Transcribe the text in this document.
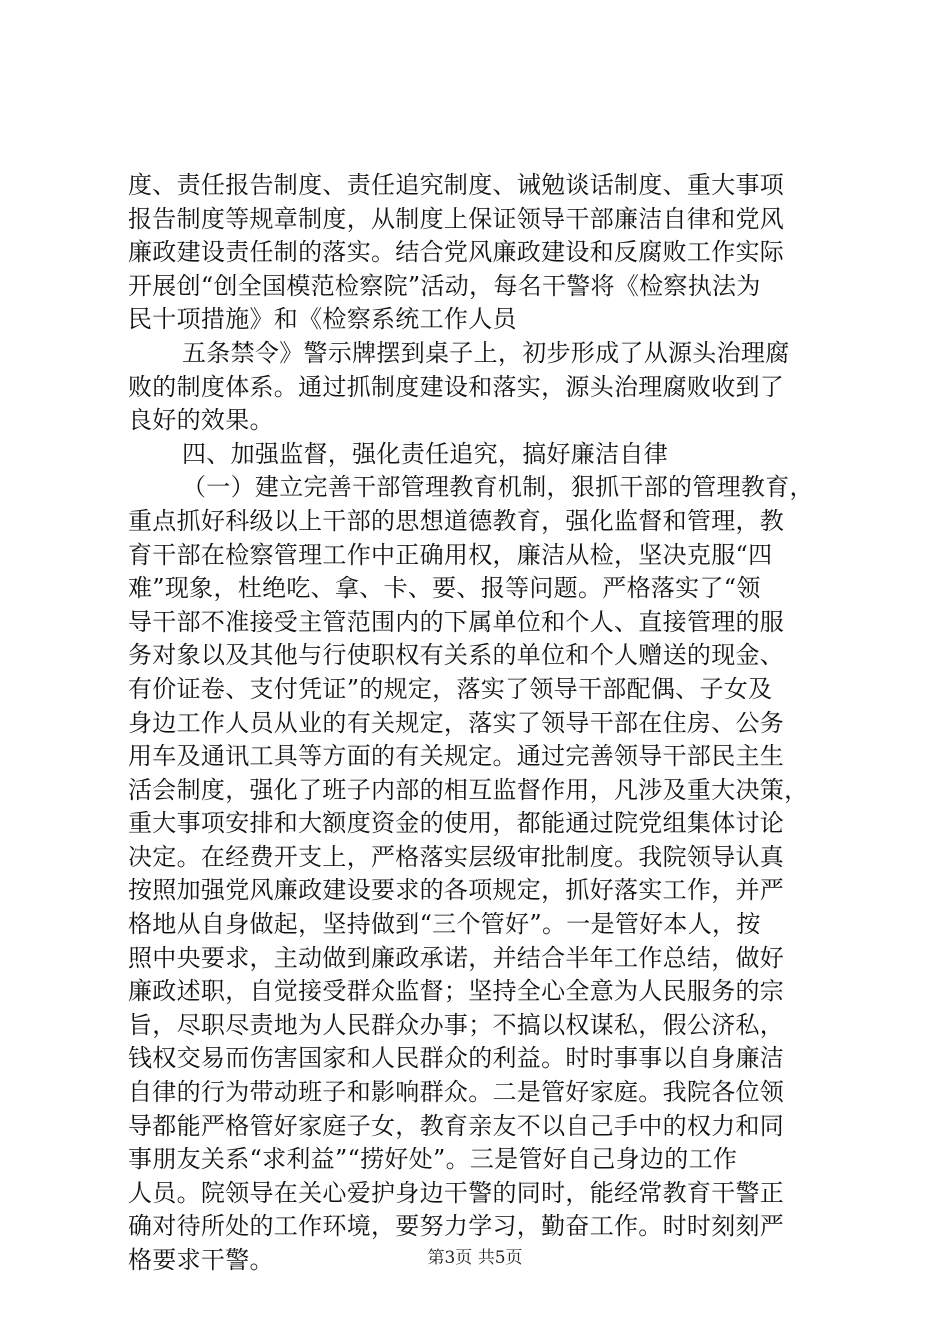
度、责任报告制度、责任追究制度、诫勉谈话制度、重大事项
报告制度等规章制度，从制度上保证领导干部廉洁自律和党风
廉政建设责任制的落实。结合党风廉政建设和反腐败工作实际
开展创“创全国模范检察院”活动，每名干警将《检察执法为
民十项措施》和《检察系统工作人员
五条禁令》警示牌摆到桌子上，初步形成了从源头治理腐
败的制度体系。通过抓制度建设和落实，源头治理腐败收到了
良好的效果。
四、加强监督，强化责任追究，搞好廉洁自律
（一）建立完善干部管理教育机制，狠抓干部的管理教育，
重点抓好科级以上干部的思想道德教育，强化监督和管理，教
育干部在检察管理工作中正确用权，廉洁从检，坚决克服“四
难”现象，杜绝吃、拿、卡、要、报等问题。严格落实了“领
导干部不准接受主管范围内的下属单位和个人、直接管理的服
务对象以及其他与行使职权有关系的单位和个人赠送的现金、
有价证卷、支付凭证”的规定，落实了领导干部配偶、子女及
身边工作人员从业的有关规定，落实了领导干部在住房、公务
用车及通讯工具等方面的有关规定。通过完善领导干部民主生
活会制度，强化了班子内部的相互监督作用，凡涉及重大决策，
重大事项安排和大额度资金的使用，都能通过院党组集体讨论
决定。在经费开支上，严格落实层级审批制度。我院领导认真
按照加强党风廉政建设要求的各项规定，抓好落实工作，并严
格地从自身做起，坚持做到“三个管好”。一是管好本人，按
照中央要求，主动做到廉政承诺，并结合半年工作总结，做好
廉政述职，自觉接受群众监督；坚持全心全意为人民服务的宗
旨，尽职尽责地为人民群众办事；不搞以权谋私，假公济私，
钱权交易而伤害国家和人民群众的利益。时时事事以自身廉洁
自律的行为带动班子和影响群众。二是管好家庭。我院各位领
导都能严格管好家庭子女，教育亲友不以自己手中的权力和同
事朋友关系“求利益”“捞好处”。三是管好自己身边的工作
人员。院领导在关心爱护身边干警的同时，能经常教育干警正
确对待所处的工作环境，要努力学习，勤奋工作。时时刻刻严
格要求干警。	第3页 共5页
